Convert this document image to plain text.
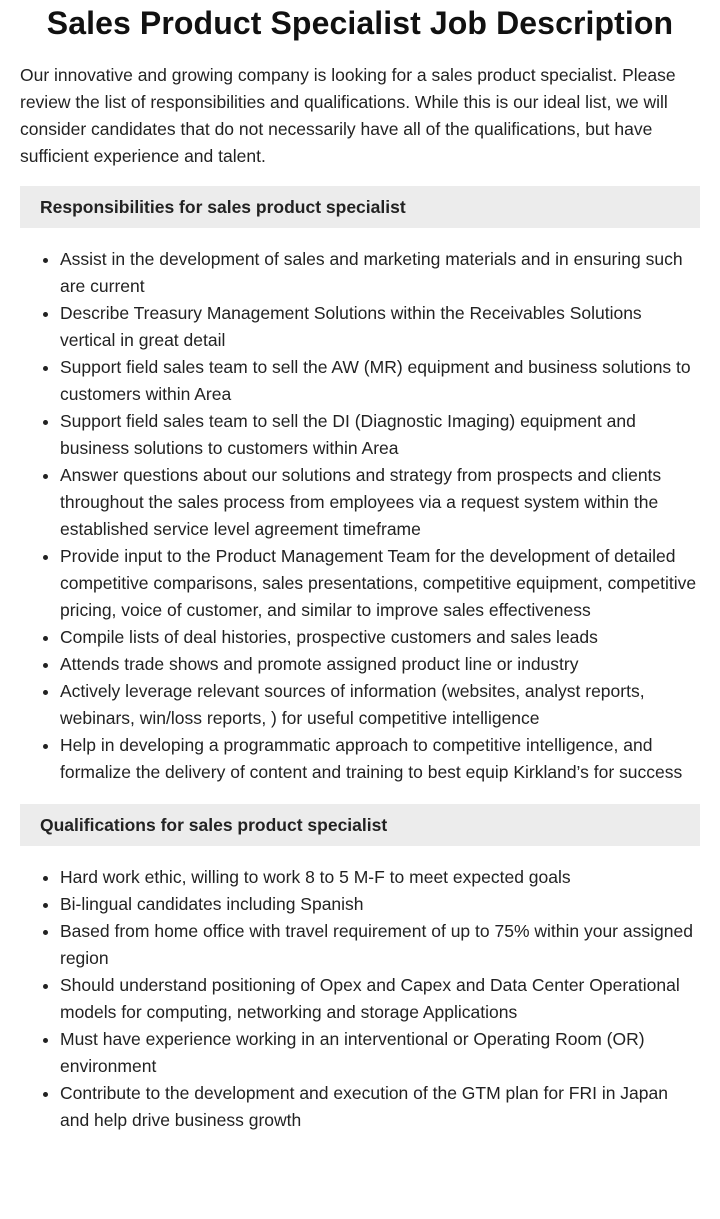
Sales Product Specialist Job Description

Our innovative and growing company is looking for a sales product specialist. Please review the list of responsibilities and qualifications. While this is our ideal list, we will consider candidates that do not necessarily have all of the qualifications, but have sufficient experience and talent.

Responsibilities for sales product specialist
• Assist in the development of sales and marketing materials and in ensuring such are current
• Describe Treasury Management Solutions within the Receivables Solutions vertical in great detail
• Support field sales team to sell the AW (MR) equipment and business solutions to customers within Area
• Support field sales team to sell the DI (Diagnostic Imaging) equipment and business solutions to customers within Area
• Answer questions about our solutions and strategy from prospects and clients throughout the sales process from employees via a request system within the established service level agreement timeframe
• Provide input to the Product Management Team for the development of detailed competitive comparisons, sales presentations, competitive equipment, competitive pricing, voice of customer, and similar to improve sales effectiveness
• Compile lists of deal histories, prospective customers and sales leads
• Attends trade shows and promote assigned product line or industry
• Actively leverage relevant sources of information (websites, analyst reports, webinars, win/loss reports, ) for useful competitive intelligence
• Help in developing a programmatic approach to competitive intelligence, and formalize the delivery of content and training to best equip Kirkland’s for success
Qualifications for sales product specialist
• Hard work ethic, willing to work 8 to 5 M-F to meet expected goals
• Bi-lingual candidates including Spanish
• Based from home office with travel requirement of up to 75% within your assigned region
• Should understand positioning of Opex and Capex and Data Center Operational models for computing, networking and storage Applications
• Must have experience working in an interventional or Operating Room (OR) environment
• Contribute to the development and execution of the GTM plan for FRI in Japan and help drive business growth
